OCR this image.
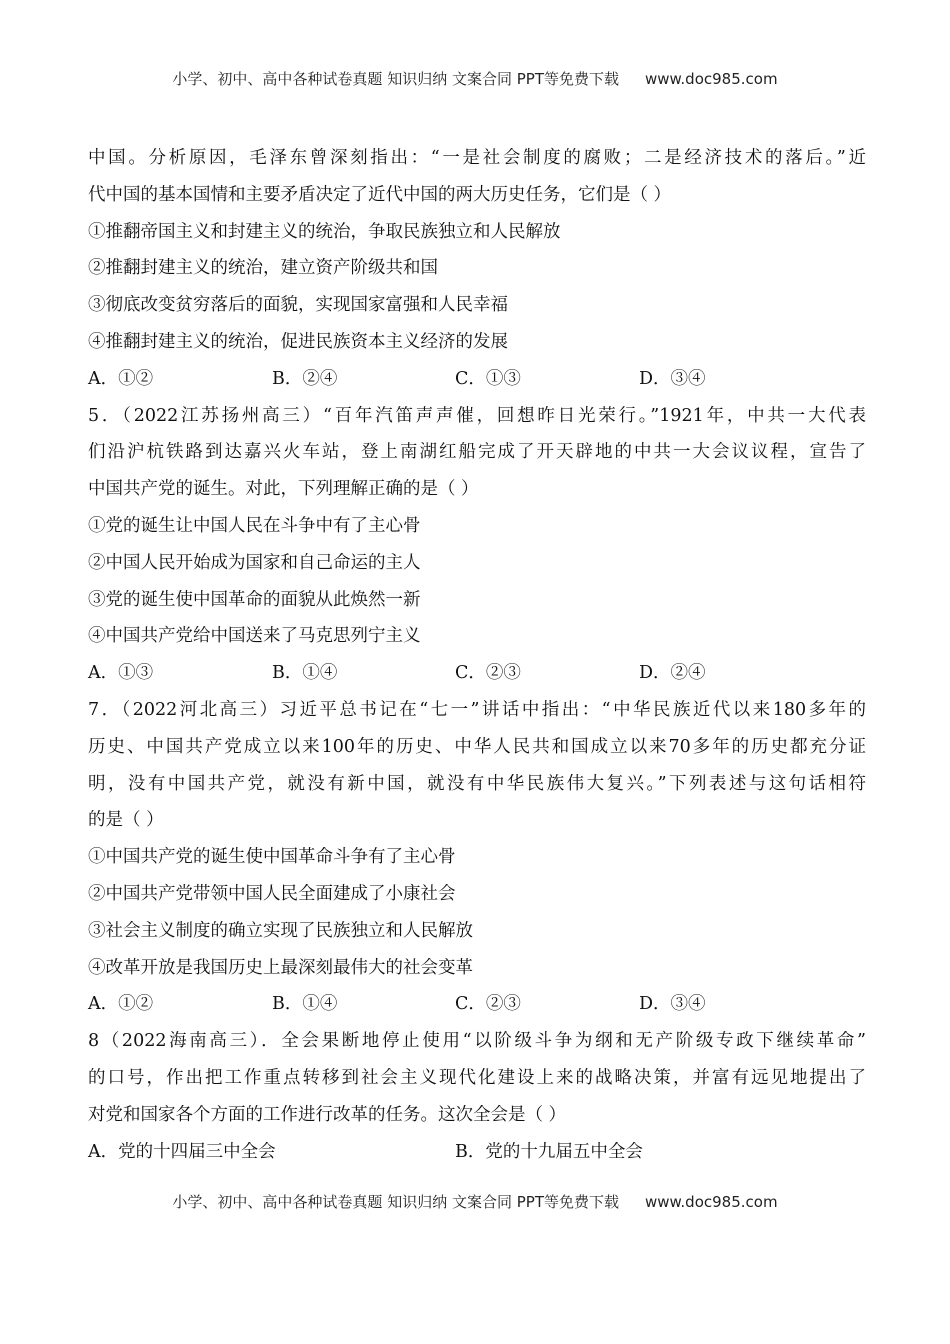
小学、初中、高中各种试卷真题 知识归纳 文案合同 PPT等免费下载 www.doc985.com
中国。分析原因，毛泽东曾深刻指出：“一是社会制度的腐败；二是经济技术的落后。”近
代中国的基本国情和主要矛盾决定了近代中国的两大历史任务，它们是（ ）
①推翻帝国主义和封建主义的统治，争取民族独立和人民解放
②推翻封建主义的统治，建立资产阶级共和国
③彻底改变贫穷落后的面貌，实现国家富强和人民幸福
④推翻封建主义的统治，促进民族资本主义经济的发展
A．①②	B．②④	C．①③	D．③④
5．（2022江苏扬州高三）“百年汽笛声声催，回想昨日光荣行。”1921年，中共一大代表
们沿沪杭铁路到达嘉兴火车站，登上南湖红船完成了开天辟地的中共一大会议议程，宣告了
中国共产党的诞生。对此，下列理解正确的是（ ）
①党的诞生让中国人民在斗争中有了主心骨
②中国人民开始成为国家和自己命运的主人
③党的诞生使中国革命的面貌从此焕然一新
④中国共产党给中国送来了马克思列宁主义
A．①③	B．①④	C．②③	D．②④
7．（2022河北高三）习近平总书记在“七一”讲话中指出：“中华民族近代以来180多年的
历史、中国共产党成立以来100年的历史、中华人民共和国成立以来70多年的历史都充分证
明，没有中国共产党，就没有新中国，就没有中华民族伟大复兴。”下列表述与这句话相符
的是（ ）
①中国共产党的诞生使中国革命斗争有了主心骨
②中国共产党带领中国人民全面建成了小康社会
③社会主义制度的确立实现了民族独立和人民解放
④改革开放是我国历史上最深刻最伟大的社会变革
A．①②	B．①④	C．②③	D．③④
8（2022海南高三）．全会果断地停止使用“以阶级斗争为纲和无产阶级专政下继续革命”
的口号，作出把工作重点转移到社会主义现代化建设上来的战略决策，并富有远见地提出了
对党和国家各个方面的工作进行改革的任务。这次全会是（ ）
A．党的十四届三中全会	B．党的十九届五中全会
小学、初中、高中各种试卷真题 知识归纳 文案合同 PPT等免费下载 www.doc985.com
